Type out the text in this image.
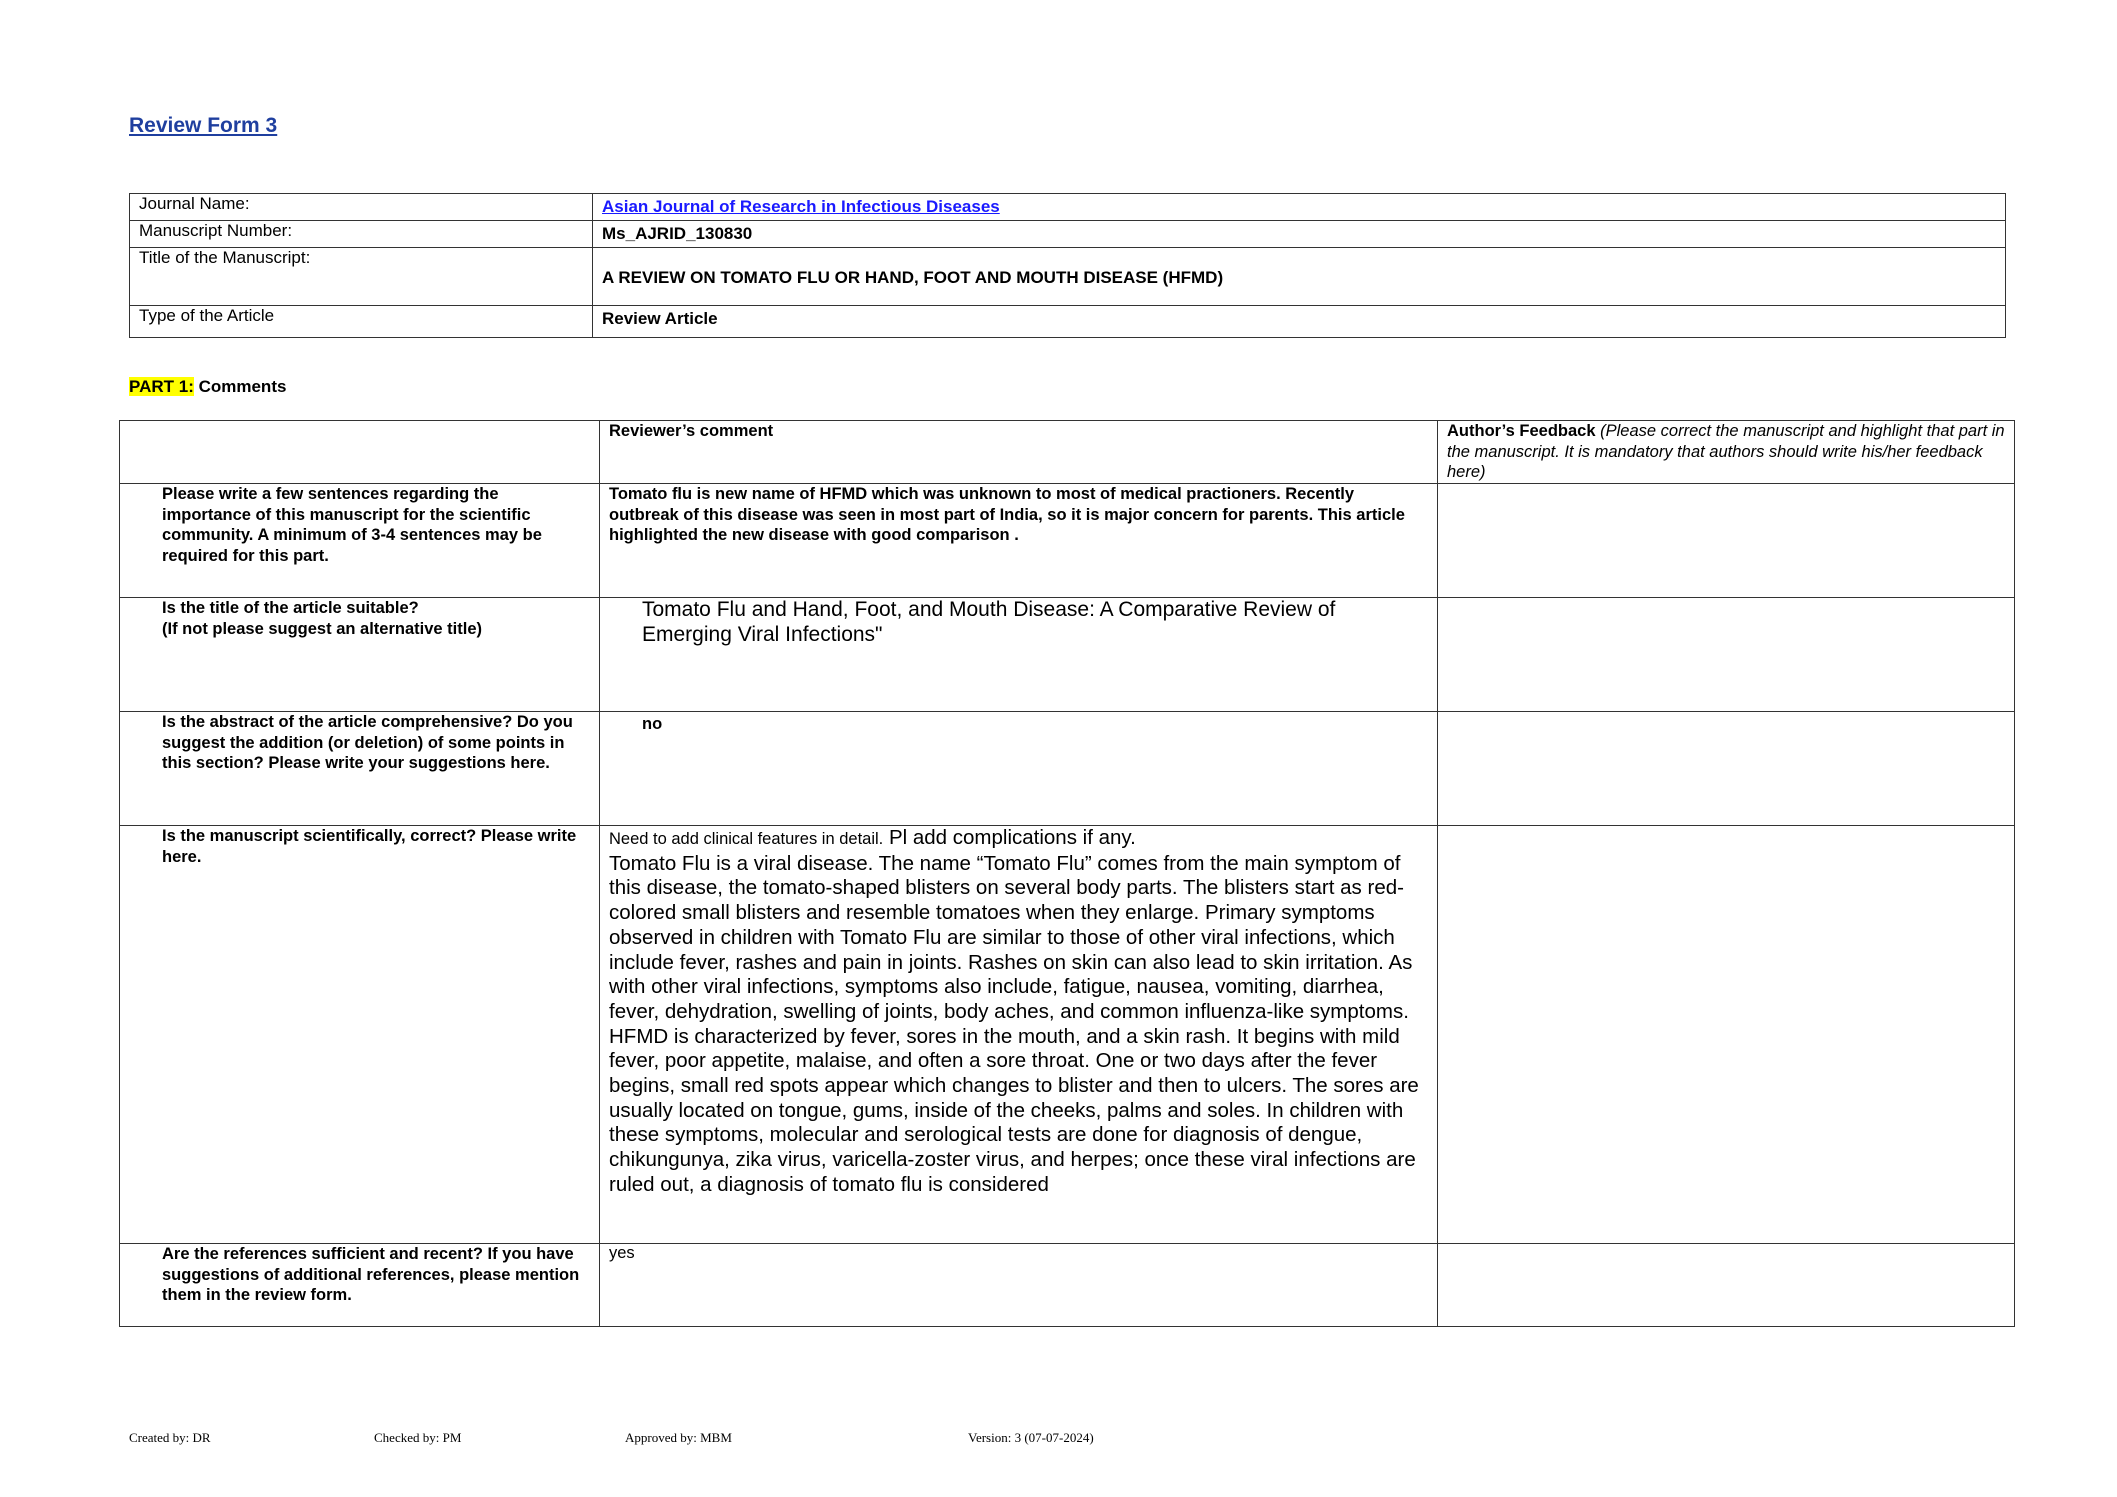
Review Form 3
Journal Name:	Asian Journal of Research in Infectious Diseases
Manuscript Number:	Ms_AJRID_130830
Title of the Manuscript:	A REVIEW ON TOMATO FLU OR HAND, FOOT AND MOUTH DISEASE (HFMD)
Type of the Article	Review Article
PART 1: Comments
	Reviewer’s comment	Author’s Feedback (Please correct the manuscript and highlight that part in the manuscript. It is mandatory that authors should write his/her feedback here)
Please write a few sentences regarding the importance of this manuscript for the scientific community. A minimum of 3-4 sentences may be required for this part.	Tomato flu is new name of HFMD which was unknown to most of medical practioners. Recently outbreak of this disease was seen in most part of India, so it is major concern for parents. This article highlighted the new disease with good comparison .	
Is the title of the article suitable?
(If not please suggest an alternative title)	Tomato Flu and Hand, Foot, and Mouth Disease: A Comparative Review of Emerging Viral Infections"	
Is the abstract of the article comprehensive? Do you suggest the addition (or deletion) of some points in this section? Please write your suggestions here.	no	
Is the manuscript scientifically, correct? Please write here.	Need to add clinical features in detail. Pl add complications if any.
Tomato Flu is a viral disease. The name “Tomato Flu” comes from the main symptom of this disease, the tomato-shaped blisters on several body parts. The blisters start as red-colored small blisters and resemble tomatoes when they enlarge. Primary symptoms observed in children with Tomato Flu are similar to those of other viral infections, which include fever, rashes and pain in joints. Rashes on skin can also lead to skin irritation. As with other viral infections, symptoms also include, fatigue, nausea, vomiting, diarrhea, fever, dehydration, swelling of joints, body aches, and common influenza-like symptoms. HFMD is characterized by fever, sores in the mouth, and a skin rash. It begins with mild fever, poor appetite, malaise, and often a sore throat. One or two days after the fever begins, small red spots appear which changes to blister and then to ulcers. The sores are usually located on tongue, gums, inside of the cheeks, palms and soles. In children with these symptoms, molecular and serological tests are done for diagnosis of dengue, chikungunya, zika virus, varicella-zoster virus, and herpes; once these viral infections are ruled out, a diagnosis of tomato flu is considered	

Are the references sufficient and recent? If you have suggestions of additional references, please mention them in the review form.	yes	
Created by: DR	Checked by: PM	Approved by: MBM	Version: 3 (07-07-2024)
